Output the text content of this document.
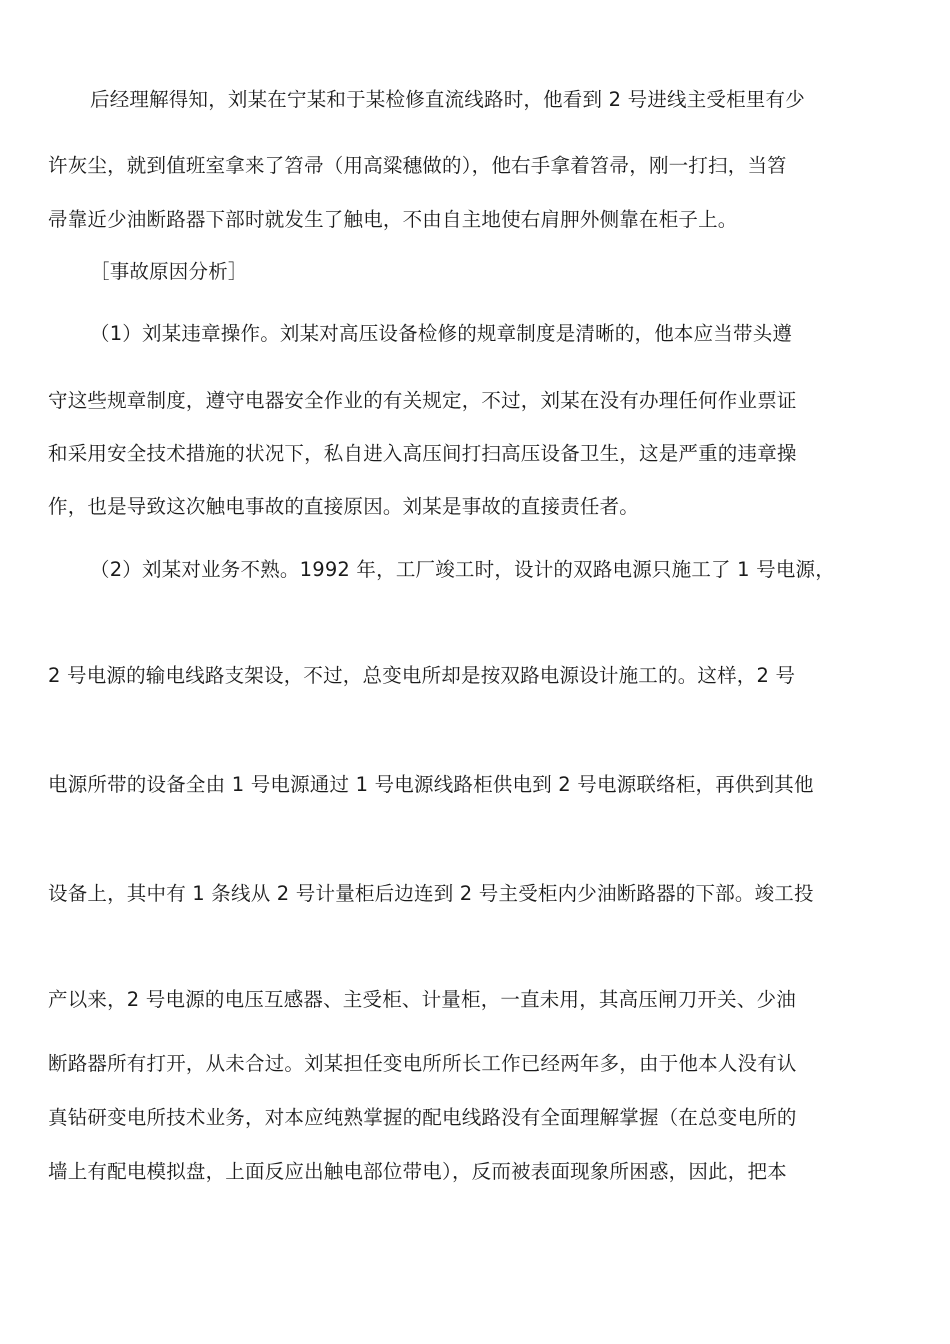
后经理解得知，刘某在宁某和于某检修直流线路时，他看到 2 号进线主受柜里有少
许灰尘，就到值班室拿来了笤帚（用高粱穗做的），他右手拿着笤帚，刚一打扫，当笤
帚靠近少油断路器下部时就发生了触电，不由自主地使右肩胛外侧靠在柜子上。
［事故原因分析］
（1）刘某违章操作。刘某对高压设备检修的规章制度是清晰的，他本应当带头遵
守这些规章制度，遵守电器安全作业的有关规定，不过，刘某在没有办理任何作业票证
和采用安全技术措施的状况下，私自进入高压间打扫高压设备卫生，这是严重的违章操
作，也是导致这次触电事故的直接原因。刘某是事故的直接责任者。
（2）刘某对业务不熟。1992 年，工厂竣工时，设计的双路电源只施工了 1 号电源，
2 号电源的输电线路支架设，不过，总变电所却是按双路电源设计施工的。这样，2 号
电源所带的设备全由 1 号电源通过 1 号电源线路柜供电到 2 号电源联络柜，再供到其他
设备上，其中有 1 条线从 2 号计量柜后边连到 2 号主受柜内少油断路器的下部。竣工投
产以来，2 号电源的电压互感器、主受柜、计量柜，一直未用，其高压闸刀开关、少油
断路器所有打开，从未合过。刘某担任变电所所长工作已经两年多，由于他本人没有认
真钻研变电所技术业务，对本应纯熟掌握的配电线路没有全面理解掌握（在总变电所的
墙上有配电模拟盘，上面反应出触电部位带电），反而被表面现象所困惑，因此，把本
